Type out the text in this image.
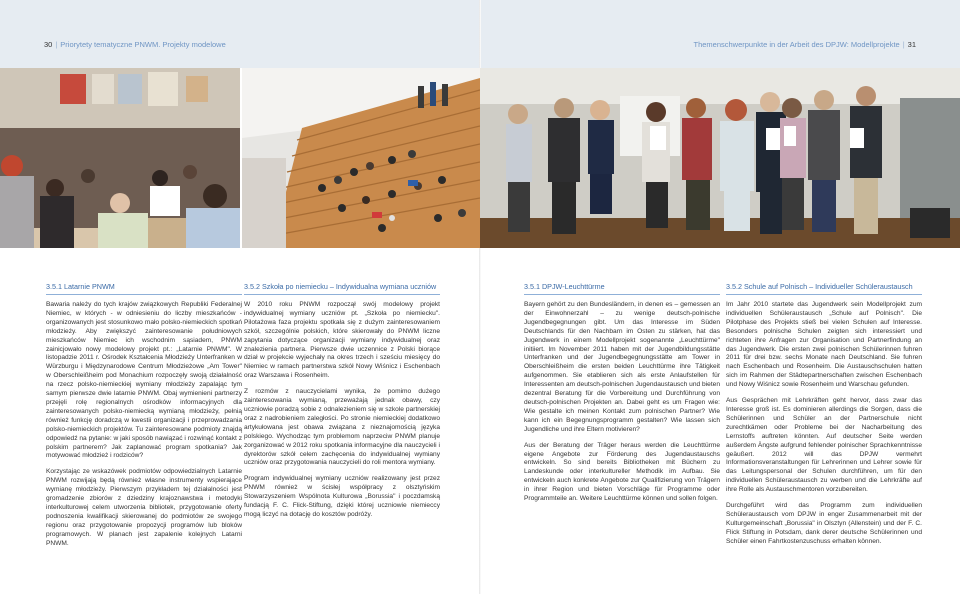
30 | Priorytety tematyczne PNWM. Projekty modelowe	Themenschwerpunkte in der Arbeit des DPJW: Modellprojekte | 31
3.5.1 Latarnie PNWM

Bawaria należy do tych krajów związkowych Republiki Federalnej Niemiec, w których - w odniesieniu do liczby mieszkańców - organizowanych jest stosunkowo mało polsko-niemieckich spotkań młodzieży. Aby zwiększyć zainteresowanie południowych mieszkańców Niemiec ich wschodnim sąsiadem, PNWM zainicjowało nowy modelowy projekt pt.: „Latarnie PNWM". W listopadzie 2011 r. Ośrodek Kształcenia Młodzieży Unterfranken w Würzburgu i Międzynarodowe Centrum Młodzieżowe „Am Tower" w Oberschleißheim pod Monachium rozpoczęły swoją działalność na rzecz polsko-niemieckiej wymiany młodzieży zapalając tym samym pierwsze dwie latarnie PNWM. Obaj wymienieni partnerzy przejęli rolę regionalnych ośrodków informacyjnych dla zainteresowanych polsko-niemiecką wymianą młodzieży, pełnią również funkcję doradczą w kwestii organizacji i przeprowadzania polsko-niemieckich projektów. Tu zainteresowane podmioty znajdą odpowiedź na pytanie: w jaki sposób nawiązać i rozwinąć kontakt z polskim partnerem? Jak zaplanować program spotkania? Jak motywować młodzież i rodziców?

Korzystając ze wskazówek podmiotów odpowiedzialnych Latarnie PNWM rozwijają będą również własne instrumenty wspierające wymianę młodzieży. Pierwszym przykładem tej działalności jest gromadzenie zbiorów z dziedziny krajoznawstwa i metodyki interkulturowej celem utworzenia bibliotek, przygotowanie oferty podnoszenia kwalifikacji skierowanej do podmiotów ze swojego regionu oraz przygotowanie propozycji programów lub bloków programowych. W planach jest zapalenie kolejnych Latarni PNWM.

3.5.2 Szkoła po niemiecku – Indywidualna wymiana uczniów

W 2010 roku PNWM rozpoczął swój modelowy projekt indywidualnej wymiany uczniów pt. „Szkoła po niemiecku". Pilotażowa faza projektu spotkała się z dużym zainteresowaniem szkół, szczególnie polskich, które skierowały do PNWM liczne zapytania dotyczące organizacji wymiany indywidualnej oraz znalezienia partnera. Pierwsze dwie uczennice z Polski biorące dział w projekcie wyjechały na okres trzech i sześciu miesięcy do Niemiec w ramach partnerstwa szkół Nowy Wiśnicz i Eschenbach oraz Warszawa i Rosenheim.

Z rozmów z nauczycielami wynika, że pomimo dużego zainteresowania wymianą, przeważają jednak obawy, czy uczniowie poradzą sobie z odnalezieniem się w szkole partnerskiej oraz z nadrobieniem zaległości. Po stronie niemieckiej dodatkowo artykułowana jest obawa związana z nieznajomością języka polskiego. Wychodząc tym problemom naprzeciw PNWM planuje zorganizować w 2012 roku spotkania informacyjne dla nauczycieli i dyrektorów szkół celem zachęcenia do indywidualnej wymiany uczniów oraz przygotowania nauczycieli do roli mentora wymiany.

Program indywidualnej wymiany uczniów realizowany jest przez PNWM również w ścisłej współpracy z olsztyńskim Stowarzyszeniem Wspólnota Kulturowa „Borussia" i poczdamską fundacją F. C. Flick-Stiftung, dzięki której uczniowie niemieccy mogą liczyć na dotację do kosztów podróży.

3.5.1 DPJW-Leuchttürme

Bayern gehört zu den Bundesländern, in denen es – gemessen an der Einwohnerzahl – zu wenige deutsch-polnische Jugendbegegnungen gibt. Um das Interesse im Süden Deutschlands für den Nachbarn im Osten zu stärken, hat das Jugendwerk in einem Modellprojekt sogenannte „Leuchttürme" initiiert. Im November 2011 haben mit der Jugendbildungsstätte Unterfranken und der Jugendbegegnungsstätte am Tower in Oberschleißheim die ersten beiden Leuchttürme ihre Tätigkeit aufgenommen. Sie etablieren sich als erste Anlaufstellen für Interessenten am deutsch-polnischen Jugendaustausch und bieten dezentral Beratung für die Vorbereitung und Durchführung von deutsch-polnischen Projekten an. Dabei geht es um Fragen wie: Wie gestalte ich meinen Kontakt zum polnischen Partner? Wie kann ich ein Begegnungsprogramm gestalten? Wie lassen sich Jugendliche und ihre Eltern motivieren?

Aus der Beratung der Träger heraus werden die Leuchttürme eigene Angebote zur Förderung des Jugendaustauschs entwickeln. So sind bereits Bibliotheken mit Büchern zu Landeskunde oder interkultureller Methodik im Aufbau. Sie entwickeln auch konkrete Angebote zur Qualifizierung von Trägern in ihrer Region und bieten Vorschläge für Programme oder Programmteile an. Weitere Leuchttürme können und sollen folgen.

3.5.2 Schule auf Polnisch – Individueller Schüleraustausch

Im Jahr 2010 startete das Jugendwerk sein Modellprojekt zum individuellen Schüleraustausch „Schule auf Polnisch". Die Pilotphase des Projekts stieß bei vielen Schulen auf Interesse. Besonders polnische Schulen zeigten sich interessiert und richteten ihre Anfragen zur Organisation und Partnerfindung an das Jugendwerk. Die ersten zwei polnischen Schülerinnen fuhren 2011 für drei bzw. sechs Monate nach Deutschland. Sie fuhren nach Eschenbach und Rosenheim. Die Austauschschulen hatten sich im Rahmen der Städtepartnerschaften zwischen Eschenbach und Nowy Wiśnicz sowie Rosenheim und Warschau gefunden.

Aus Gesprächen mit Lehrkräften geht hervor, dass zwar das Interesse groß ist. Es dominieren allerdings die Sorgen, dass die Schülerinnen und Schüler an der Partnerschule nicht zurechtkämen oder Probleme bei der Nacharbeitung des Lernstoffs auftreten könnten. Auf deutscher Seite werden außerdem Ängste aufgrund fehlender polnischer Sprachkenntnisse geäußert. 2012 will das DPJW vermehrt Informationsveranstaltungen für Lehrerinnen und Lehrer sowie für das Leitungspersonal der Schulen durchführen, um für den individuellen Schüleraustausch zu werben und die Lehrkräfte auf ihre Rolle als Austauschmentoren vorzubereiten.

Durchgeführt wird das Programm zum individuellen Schüleraustausch vom DPJW in enger Zusammenarbeit mit der Kulturgemeinschaft „Borussia" in Olsztyn (Allenstein) und der F. C. Flick Stiftung in Potsdam, dank derer deutsche Schülerinnen und Schüler einen Fahrtkostenzuschuss erhalten können.
